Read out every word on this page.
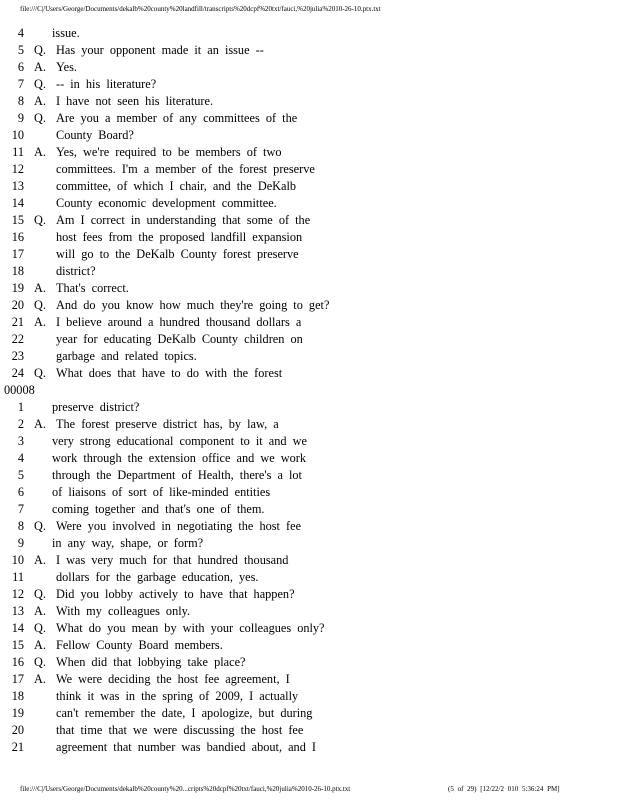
file:///C|/Users/George/Documents/dekalb%20county%20landfill/transcripts%20dcpf%20txt/fauci,%20julia%2010-26-10.ptx.txt
4 issue.
5 Q. Has your opponent made it an issue --
6 A. Yes.
7 Q. -- in his literature?
8 A. I have not seen his literature.
9 Q. Are you a member of any committees of the
10	County Board?
11 A. Yes, we're required to be members of two
12	committees. I'm a member of the forest preserve
13	committee, of which I chair, and the DeKalb
14	County economic development committee.
15 Q. Am I correct in understanding that some of the
16	host fees from the proposed landfill expansion
17	will go to the DeKalb County forest preserve
18	district?
19 A. That's correct.
20 Q. And do you know how much they're going to get?
21 A. I believe around a hundred thousand dollars a
22	year for educating DeKalb County children on
23	garbage and related topics.
24 Q. What does that have to do with the forest
00008
1 preserve district?
2 A. The forest preserve district has, by law, a
3 very strong educational component to it and we
4 work through the extension office and we work
5 through the Department of Health, there's a lot
6 of liaisons of sort of like-minded entities
7 coming together and that's one of them.
8 Q. Were you involved in negotiating the host fee
9 in any way, shape, or form?
10 A. I was very much for that hundred thousand
11	dollars for the garbage education, yes.
12 Q. Did you lobby actively to have that happen?
13 A. With my colleagues only.
14 Q. What do you mean by with your colleagues only?
15 A. Fellow County Board members.
16 Q. When did that lobbying take place?
17 A. We were deciding the host fee agreement, I
18	think it was in the spring of 2009, I actually
19	can't remember the date, I apologize, but during
20	that time that we were discussing the host fee
21	agreement that number was bandied about, and I
file:///C|/Users/George/Documents/dekalb%20county%20...cripts%20dcpf%20txt/fauci,%20julia%2010-26-10.ptx.txt	(5 of 29) [12/22/2 010 5:36:24 PM]
